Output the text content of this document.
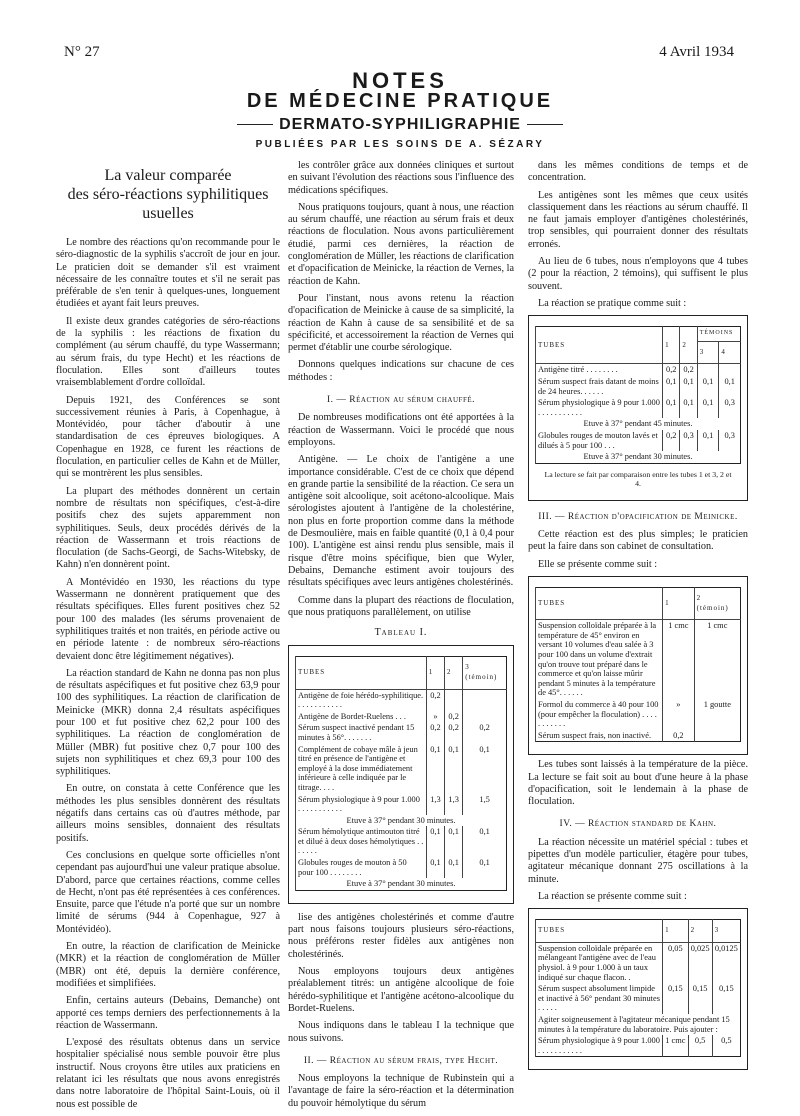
N° 27	4 Avril 1934
NOTES
DE MÉDECINE PRATIQUE
DERMATO-SYPHILIGRAPHIE
PUBLIÉES PAR LES SOINS DE A. SÉZARY
La valeur comparée
des séro-réactions syphilitiques usuelles

Le nombre des réactions qu'on recommande pour le séro-diagnostic de la syphilis s'accroît de jour en jour. Le praticien doit se demander s'il est vraiment nécessaire de les connaître toutes et s'il ne serait pas préférable de s'en tenir à quelques-unes, longuement étudiées et ayant fait leurs preuves.

Il existe deux grandes catégories de séro-réactions de la syphilis : les réactions de fixation du complément (au sérum chauffé, du type Wassermann; au sérum frais, du type Hecht) et les réactions de floculation. Elles sont d'ailleurs toutes vraisemblablement d'ordre colloïdal.

Depuis 1921, des Conférences se sont successivement réunies à Paris, à Copenhague, à Montévidéo, pour tâcher d'aboutir à une standardisation de ces épreuves biologiques. A Copenhague en 1928, ce furent les réactions de floculation, en particulier celles de Kahn et de Müller, qui se montrèrent les plus sensibles.

La plupart des méthodes donnèrent un certain nombre de résultats non spécifiques, c'est-à-dire positifs chez des sujets apparemment non syphilitiques. Seuls, deux procédés dérivés de la réaction de Wassermann et trois réactions de floculation (de Sachs-Georgi, de Sachs-Witebsky, de Kahn) n'en donnèrent point.

A Montévidéo en 1930, les réactions du type Wassermann ne donnèrent pratiquement que des résultats spécifiques. Elles furent positives chez 52 pour 100 des malades (les sérums provenaient de syphilitiques traités et non traités, en période active ou en période latente : de nombreux séro-réactions devaient donc être légitimement négatives).

La réaction standard de Kahn ne donna pas non plus de résultats aspécifiques et fut positive chez 63,9 pour 100 des syphilitiques. La réaction de clarification de Meinicke (MKR) donna 2,4 résultats aspécifiques pour 100 et fut positive chez 62,2 pour 100 des syphilitiques. La réaction de conglomération de Müller (MBR) fut positive chez 0,7 pour 100 des sujets non syphilitiques et chez 69,3 pour 100 des syphilitiques.

En outre, on constata à cette Conférence que les méthodes les plus sensibles donnèrent des résultats négatifs dans certains cas où d'autres méthode, par ailleurs moins sensibles, donnaient des résultats positifs.

Ces conclusions en quelque sorte officielles n'ont cependant pas aujourd'hui une valeur pratique absolue. D'abord, parce que certaines réactions, comme celles de Hecht, n'ont pas été représentées à ces conférences. Ensuite, parce que l'étude n'a porté que sur un nombre limité de sérums (944 à Copenhague, 927 à Montévidéo).

En outre, la réaction de clarification de Meinicke (MKR) et la réaction de conglomération de Müller (MBR) ont été, depuis la dernière conférence, modifiées et simplifiées.

Enfin, certains auteurs (Debains, Demanche) ont apporté ces temps derniers des perfectionnements à la réaction de Wassermann.

L'exposé des résultats obtenus dans un service hospitalier spécialisé nous semble pouvoir être plus instructif. Nous croyons être utiles aux praticiens en relatant ici les résultats que nous avons enregistrés dans notre laboratoire de l'hôpital Saint-Louis, où il nous est possible de

les contrôler grâce aux données cliniques et surtout en suivant l'évolution des réactions sous l'influence des médications spécifiques.

Nous pratiquons toujours, quant à nous, une réaction au sérum chauffé, une réaction au sérum frais et deux réactions de floculation. Nous avons particulièrement étudié, parmi ces dernières, la réaction de conglomération de Müller, les réactions de clarification et d'opacification de Meinicke, la réaction de Vernes, la réaction de Kahn.

Pour l'instant, nous avons retenu la réaction d'opacification de Meinicke à cause de sa simplicité, la réaction de Kahn à cause de sa sensibilité et de sa spécificité, et accessoirement la réaction de Vernes qui permet d'établir une courbe sérologique.

Donnons quelques indications sur chacune de ces méthodes :

I. — Réaction au sérum chauffé.

De nombreuses modifications ont été apportées à la réaction de Wassermann. Voici le procédé que nous employons.

Antigène. — Le choix de l'antigène a une importance considérable. C'est de ce choix que dépend en grande partie la sensibilité de la réaction. Ce sera un antigène soit alcoolique, soit acétono-alcoolique. Mais sérologistes ajoutent à l'antigène de la cholestérine, non plus en forte proportion comme dans la méthode de Desmoulière, mais en faible quantité (0,1 à 0,4 pour 100). L'antigène est ainsi rendu plus sensible, mais il risque d'être moins spécifique, bien que Wyler, Debains, Demanche estiment avoir toujours des résultats spécifiques avec leurs antigènes cholestérinés.

Comme dans la plupart des réactions de floculation, que nous pratiquons parallèlement, on utilise

Tableau I.
TUBES	1	2	3
(témoin)
Antigène de foie hérédo-syphilitique. . . . . . . . . . . .	0,2		
Antigène de Bordet-Ruelens . . .	»	0,2	
Sérum suspect inactivé pendant 15 minutes à 56°. . . . . . .	0,2	0,2	0,2
Complément de cobaye mâle à jeun titré en présence de l'antigène et employé à la dose immédiatement inférieure à celle indiquée par le titrage. . . .	0,1	0,1	0,1
Sérum physiologique à 9 pour 1.000 . . . . . . . . . . .	1,3	1,3	1,5
Etuve à 37° pendant 30 minutes.			
Sérum hémolytique antimouton titré et dilué à deux doses hémolytiques . . . . . . .	0,1	0,1	0,1
Globules rouges de mouton à 50 pour 100 . . . . . . . .	0,1	0,1	0,1
Etuve à 37° pendant 30 minutes.			

lise des antigènes cholestérinés et comme d'autre part nous faisons toujours plusieurs séro-réactions, nous préférons rester fidèles aux antigènes non cholestérinés.

Nous employons toujours deux antigènes préalablement titrés: un antigène alcoolique de foie hérédo-syphilitique et l'antigène acétono-alcoolique du Bordet-Ruelens.

Nous indiquons dans le tableau I la technique que nous suivons.

II. — Réaction au sérum frais, type Hecht.

Nous employons la technique de Rubinstein qui a l'avantage de faire la séro-réaction et la détermination du pouvoir hémolytique du sérum

dans les mêmes conditions de temps et de concentration.

Les antigènes sont les mêmes que ceux usités classiquement dans les réactions au sérum chauffé. Il ne faut jamais employer d'antigènes cholestérinés, trop sensibles, qui pourraient donner des résultats erronés.

Au lieu de 6 tubes, nous n'employons que 4 tubes (2 pour la réaction, 2 témoins), qui suffisent le plus souvent.

La réaction se pratique comme suit :

TUBES	1	2	TÉMOINS	
			3	4
Antigène titré . . . . . . . .	0,2	0,2		
Sérum suspect frais datant de moins de 24 heures. . . . . .	0,1	0,1	0,1	0,1
Sérum physiologique à 9 pour 1.000 . . . . . . . . . . .	0,1	0,1	0,1	0,3
Etuve à 37° pendant 45 minutes.				
Globules rouges de mouton lavés et dilués à 5 pour 100 . . .	0,2	0,3	0,1	0,3
Etuve à 37° pendant 30 minutes.				
La lecture se fait par comparaison entre les tubes 1 et 3, 2 et 4.
III. — Réaction d'opacification de Meinicke.

Cette réaction est des plus simples; le praticien peut la faire dans son cabinet de consultation.

Elle se présente comme suit :

TUBES	1	2
(témoin)
Suspension colloïdale préparée à la température de 45° environ en versant 10 volumes d'eau salée à 3 pour 100 dans un volume d'extrait qu'on trouve tout préparé dans le commerce et qu'on laisse mûrir pendant 5 minutes à la température de 45°. . . . . .	1 cmc	1 cmc
Formol du commerce à 40 pour 100 (pour empêcher la floculation) . . . . . . . . . . .	»	1 goutte
Sérum suspect frais, non inactivé.	0,2	

Les tubes sont laissés à la température de la pièce. La lecture se fait soit au bout d'une heure à la phase d'opacification, soit le lendemain à la phase de floculation.

IV. — Réaction standard de Kahn.

La réaction nécessite un matériel spécial : tubes et pipettes d'un modèle particulier, étagère pour tubes, agitateur mécanique donnant 275 oscillations à la minute.

La réaction se présente comme suit :

TUBES	1	2	3
Suspension colloïdale préparée en mélangeant l'antigène avec de l'eau physiol. à 9 pour 1.000 à un taux indiqué sur chaque flacon. .	0,05	0,025	0,0125
Sérum suspect absolument limpide et inactivé à 56° pendant 30 minutes . . . . .	0,15	0,15	0,15
Agiter soigneusement à l'agitateur mécanique pendant 15 minutes à la température du laboratoire. Puis ajouter :			
Sérum physiologique à 9 pour 1.000 . . . . . . . . . . .	1 cmc	0,5	0,5
